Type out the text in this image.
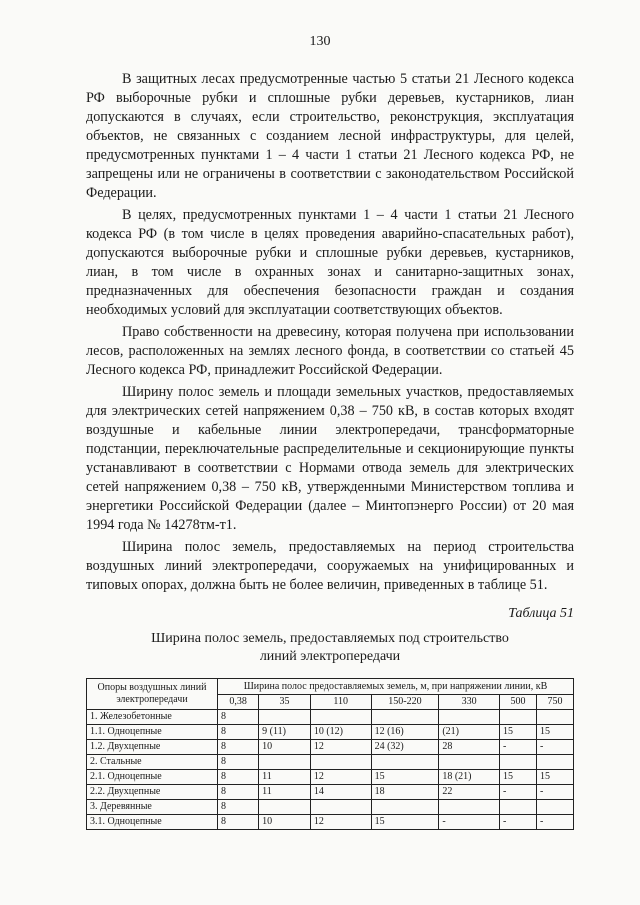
130

В защитных лесах предусмотренные частью 5 статьи 21 Лесного кодекса РФ выборочные рубки и сплошные рубки деревьев, кустарников, лиан допускаются в случаях, если строительство, реконструкция, эксплуатация объектов, не связанных с созданием лесной инфраструктуры, для целей, предусмотренных пунктами 1 – 4 части 1 статьи 21 Лесного кодекса РФ, не запрещены или не ограничены в соответствии с законодательством Российской Федерации.

В целях, предусмотренных пунктами 1 – 4 части 1 статьи 21 Лесного кодекса РФ (в том числе в целях проведения аварийно-спасательных работ), допускаются выборочные рубки и сплошные рубки деревьев, кустарников, лиан, в том числе в охранных зонах и санитарно-защитных зонах, предназначенных для обеспечения безопасности граждан и создания необходимых условий для эксплуатации соответствующих объектов.

Право собственности на древесину, которая получена при использовании лесов, расположенных на землях лесного фонда, в соответствии со статьей 45 Лесного кодекса РФ, принадлежит Российской Федерации.

Ширину полос земель и площади земельных участков, предоставляемых для электрических сетей напряжением 0,38 – 750 кВ, в состав которых входят воздушные и кабельные линии электропередачи, трансформаторные подстанции, переключательные распределительные и секционирующие пункты устанавливают в соответствии с Нормами отвода земель для электрических сетей напряжением 0,38 – 750 кВ, утвержденными Министерством топлива и энергетики Российской Федерации (далее – Минтопэнерго России) от 20 мая 1994 года № 14278тм-т1.

Ширина полос земель, предоставляемых на период строительства воздушных линий электропередачи, сооружаемых на унифицированных и типовых опорах, должна быть не более величин, приведенных в таблице 51.

Таблица 51
Ширина полос земель, предоставляемых под строительство
линий электропередачи
Опоры воздушных линий электропередачи	Ширина полос предоставляемых земель, м, при напряжении линии, кВ						
	0,38	35	110	150-220	330	500	750
1. Железобетонные	8						
1.1. Одноцепные	8	9 (11)	10 (12)	12 (16)	(21)	15	15
1.2. Двухцепные	8	10	12	24 (32)	28	-	-
2. Стальные	8						
2.1. Одноцепные	8	11	12	15	18 (21)	15	15
2.2. Двухцепные	8	11	14	18	22	-	-
3. Деревянные	8						
3.1. Одноцепные	8	10	12	15	-	-	-
